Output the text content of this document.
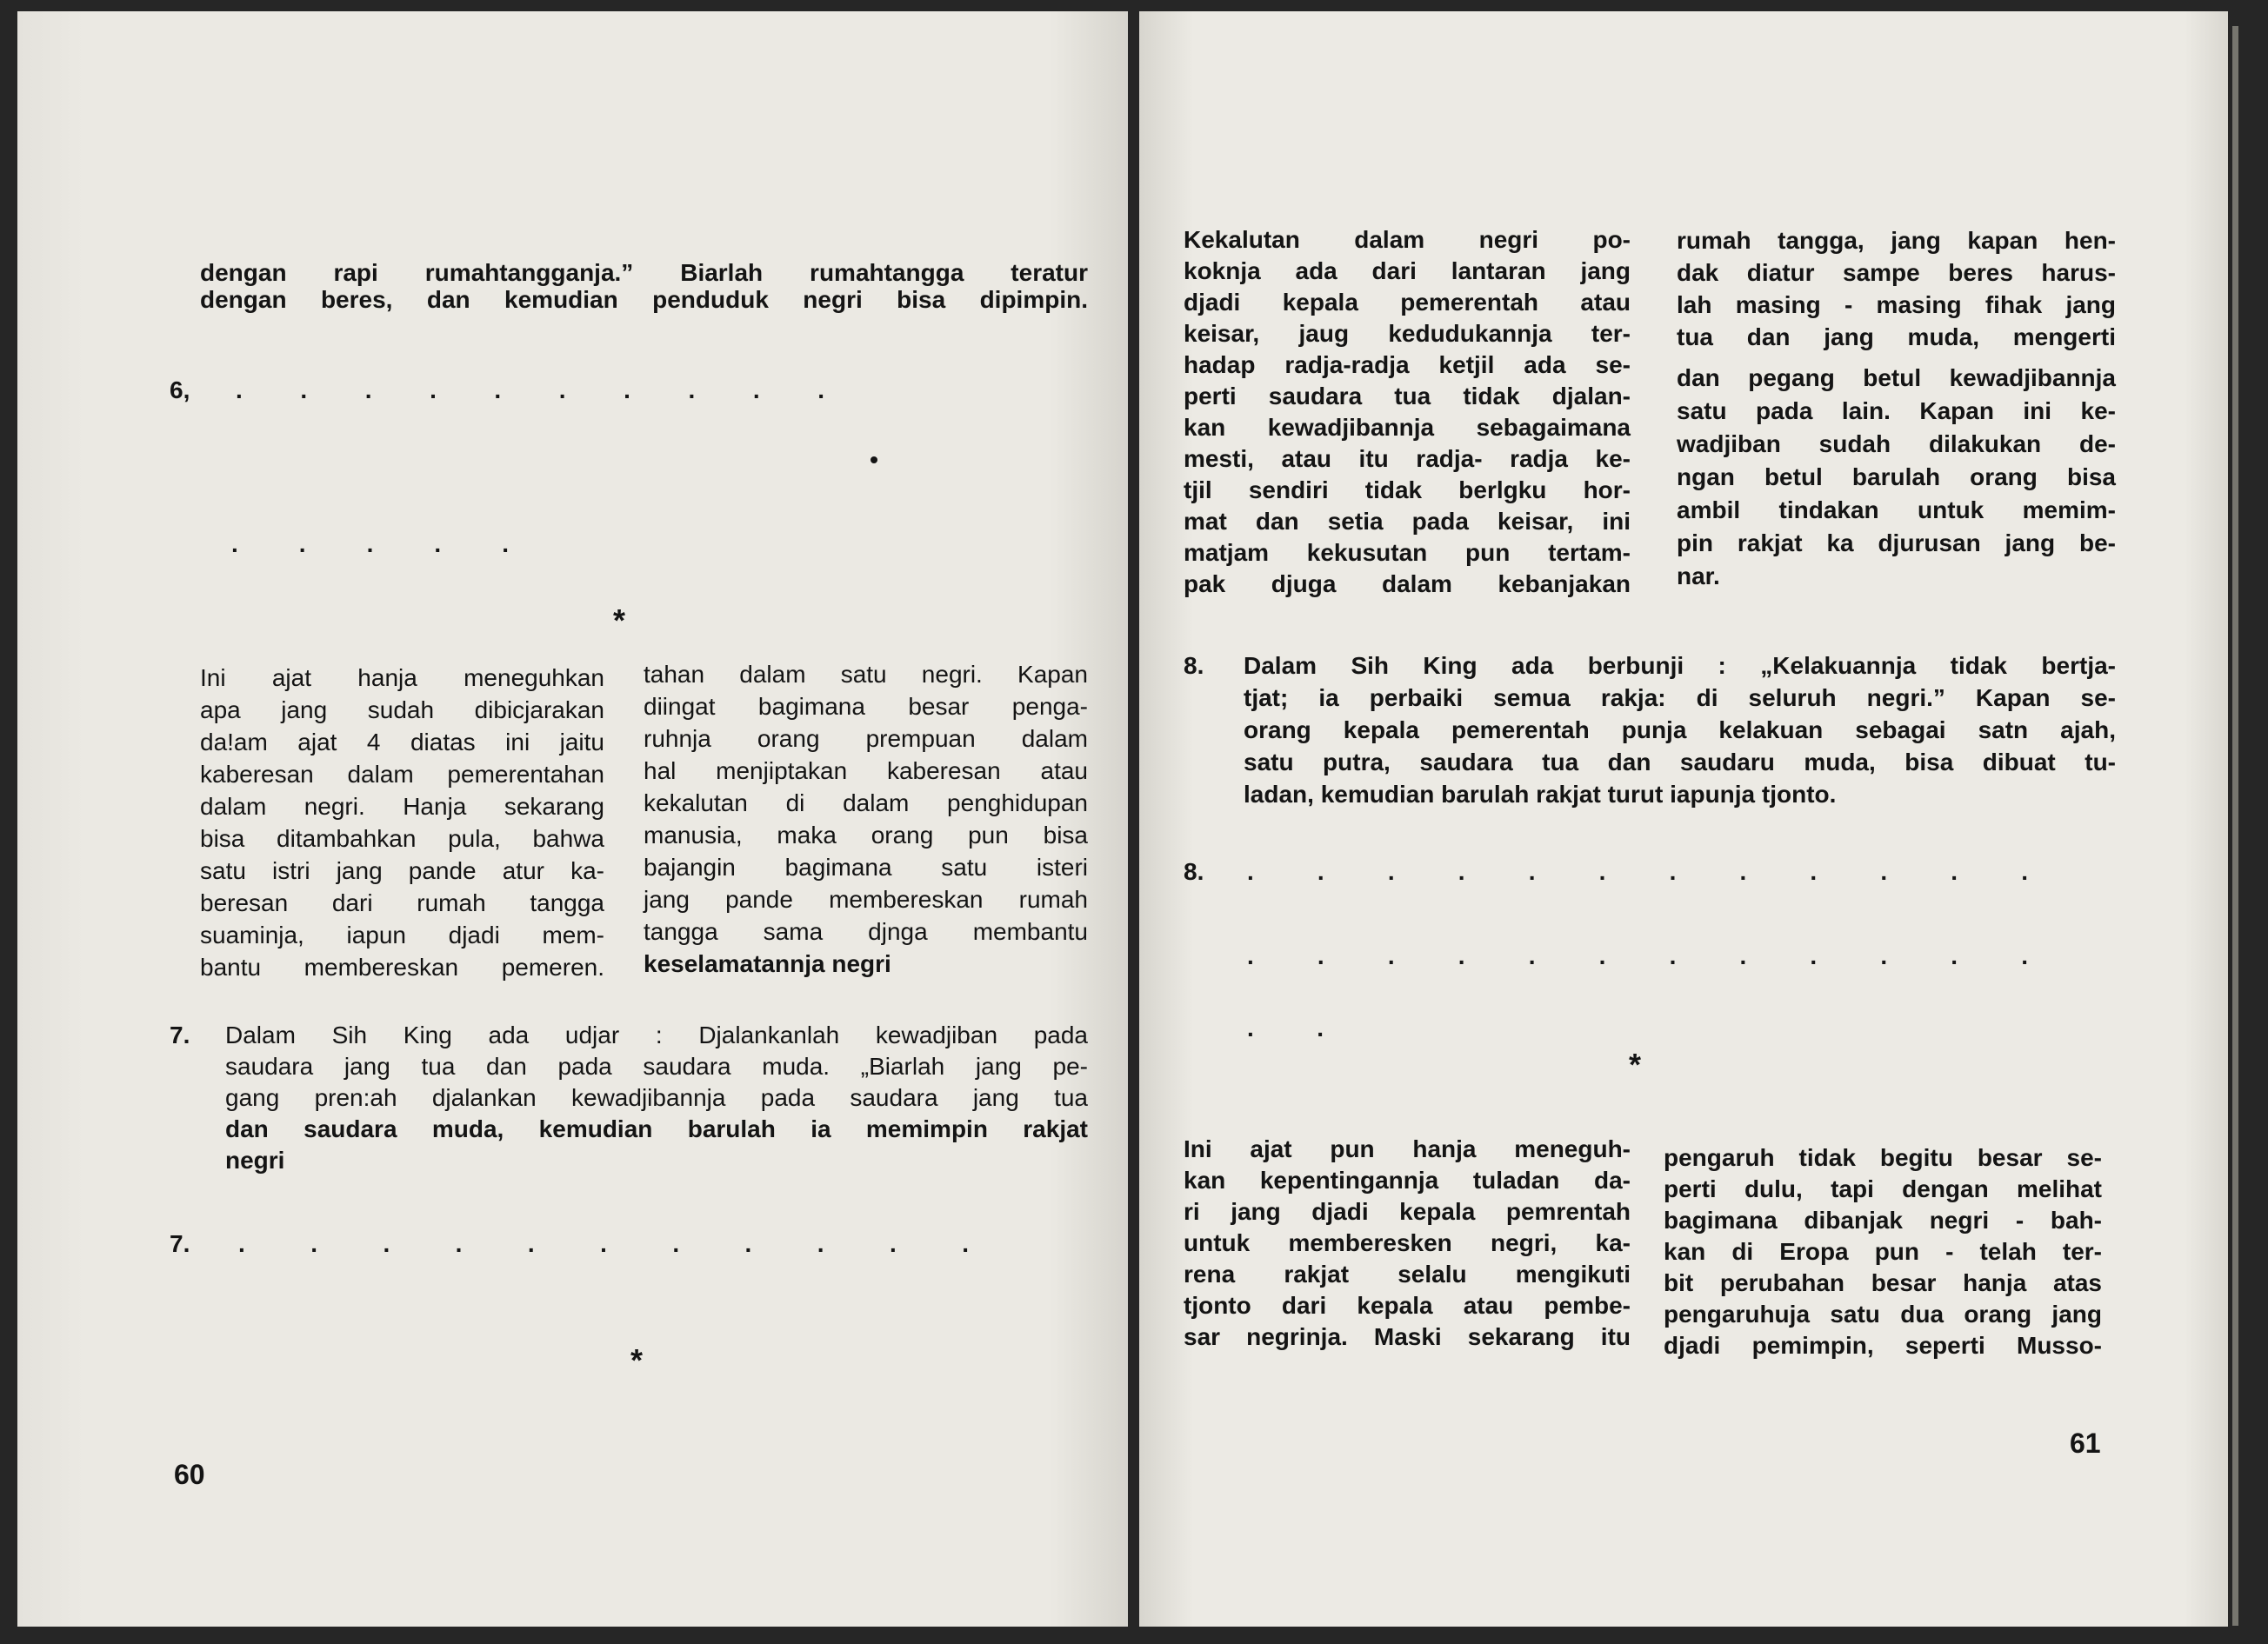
dengan rapi rumahtangganja.” Biarlah rumahtangga teratur
dengan beres, dan kemudian penduduk negri bisa dipimpin.
6, . . . . . . . . . .
•
. . . . .
*
Ini ajat hanja meneguhkan
apa jang sudah dibicjarakan
da!am ajat 4 diatas ini jaitu
kaberesan dalam pemerentahan
dalam negri. Hanja sekarang
bisa ditambahkan pula, bahwa
satu istri jang pande atur ka-
beresan dari rumah tangga
suaminja, iapun djadi mem-
bantu membereskan pemeren.
tahan dalam satu negri. Kapan
diingat bagimana besar penga-
ruhnja orang prempuan dalam
hal menjiptakan kaberesan atau
kekalutan di dalam penghidupan
manusia, maka orang pun bisa
bajangin bagimana satu isteri
jang pande membereskan rumah
tangga sama djnga membantu
keselamatannja negri
7. Dalam Sih King ada udjar : Djalankanlah kewadjiban pada
saudara jang tua dan pada saudara muda. „Biarlah jang pe-
gang pren:ah djalankan kewadjibannja pada saudara jang tua
dan saudara muda, kemudian barulah ia memimpin rakjat
negri
7. . . . . . . . . . . .
*
60
Kekalutan dalam negri po-
koknja ada dari lantaran jang
djadi kepala pemerentah atau
keisar, jaug kedudukannja ter-
hadap radja-radja ketjil ada se-
perti saudara tua tidak djalan-
kan kewadjibannja sebagaimana
mesti, atau itu radja- radja ke-
tjil sendiri tidak berlgku hor-
mat dan setia pada keisar, ini
matjam kekusutan pun tertam-
pak djuga dalam kebanjakan
rumah tangga, jang kapan hen-
dak diatur sampe beres harus-
lah masing - masing fihak jang
tua dan jang muda, mengerti
dan pegang betul kewadjibannja
satu pada lain. Kapan ini ke-
wadjiban sudah dilakukan de-
ngan betul barulah orang bisa
ambil tindakan untuk memim-
pin rakjat ka djurusan jang be-
nar.
8. Dalam Sih King ada berbunji : „Kelakuannja tidak bertja-
tjat; ia perbaiki semua rakja: di seluruh negri.” Kapan se-
orang kepala pemerentah punja kelakuan sebagai satn ajah,
satu putra, saudara tua dan saudaru muda, bisa dibuat tu-
ladan, kemudian barulah rakjat turut iapunja tjonto.
8. . . . . . . . . . . . .
. . . . . . . . . . . .
. .
*
Ini ajat pun hanja meneguh-
kan kepentingannja tuladan da-
ri jang djadi kepala pemrentah
untuk memberesken negri, ka-
rena rakjat selalu mengikuti
tjonto dari kepala atau pembe-
sar negrinja. Maski sekarang itu
pengaruh tidak begitu besar se-
perti dulu, tapi dengan melihat
bagimana dibanjak negri - bah-
kan di Eropa pun - telah ter-
bit perubahan besar hanja atas
pengaruhuja satu dua orang jang
djadi pemimpin, seperti Musso-
61
